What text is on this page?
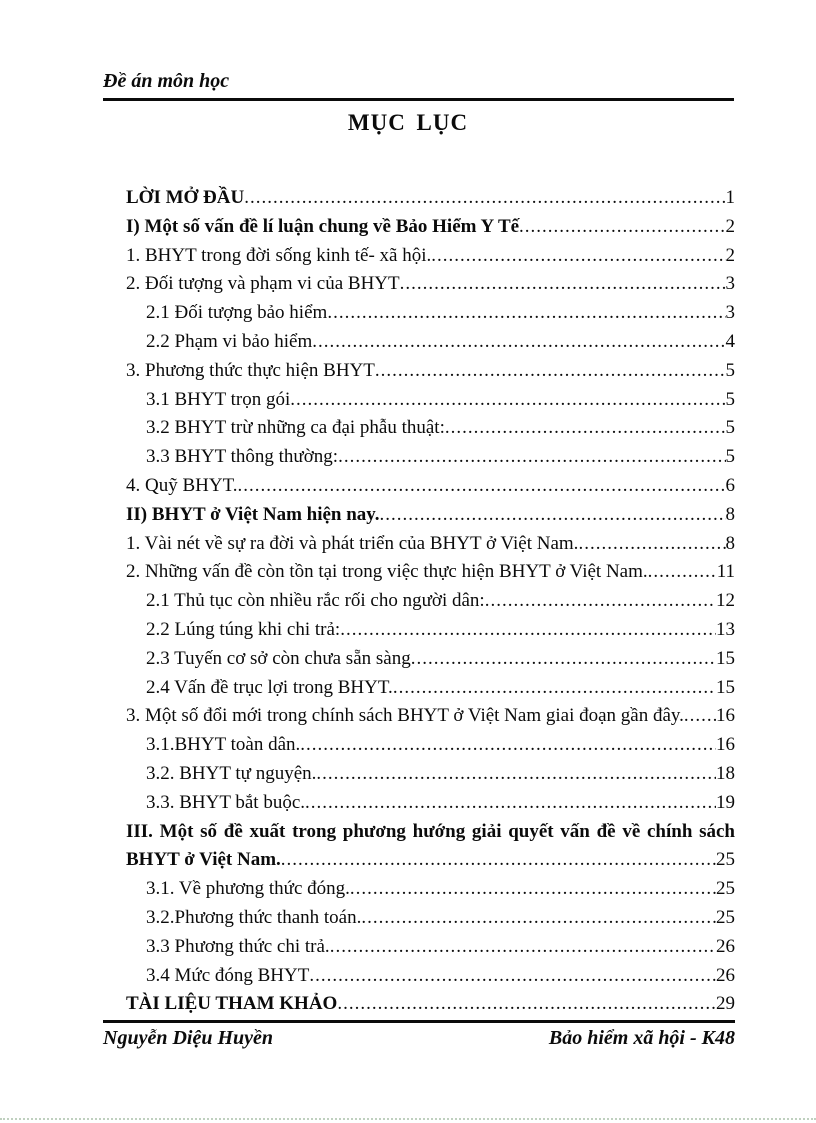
Đề án môn học
MỤC LỤC
LỜI MỞ ĐẦU .....	1
I) Một số vấn đề lí luận chung về Bảo Hiểm Y Tế .....	2
1. BHYT trong đời sống kinh tế- xã hội. .....	2
2. Đối tượng và phạm vi của BHYT .....	3
2.1 Đối tượng bảo hiểm .....	3
2.2 Phạm vi bảo hiểm .....	4
3. Phương thức thực hiện BHYT .....	5
3.1 BHYT trọn gói .....	5
3.2 BHYT trừ những ca đại phẫu thuật: .....	5
3.3 BHYT thông thường: .....	5
4. Quỹ BHYT. .....	6
II) BHYT ở Việt Nam hiện nay. .....	8
1. Vài nét về sự ra đời và phát triển của BHYT ở Việt Nam. .....	8
2. Những vấn đề còn tồn tại trong việc thực hiện BHYT ở Việt Nam. .....	11
2.1 Thủ tục còn nhiều rắc rối cho người dân: .....	12
2.2 Lúng túng khi chi trả: .....	13
2.3 Tuyến cơ sở còn chưa sẵn sàng .....	15
2.4 Vấn đề trục lợi trong BHYT. .....	15
3. Một số đổi mới trong chính sách BHYT ở Việt Nam giai đoạn gần đây. ..... 16
3.1.BHYT toàn dân. .....	16
3.2. BHYT tự nguyện. .....	18
3.3. BHYT bắt buộc. .....	19
III. Một số đề xuất trong phương hướng giải quyết vấn đề về chính sách
BHYT ở Việt Nam. .....	25
3.1. Về phương thức đóng. .....	25
3.2.Phương thức thanh toán. .....	25
3.3 Phương thức chi trả. .....	26
3.4 Mức đóng BHYT .....	26
TÀI LIỆU THAM KHẢO .....	29
Nguyễn Diệu Huyền	Bảo hiểm xã hội - K48
